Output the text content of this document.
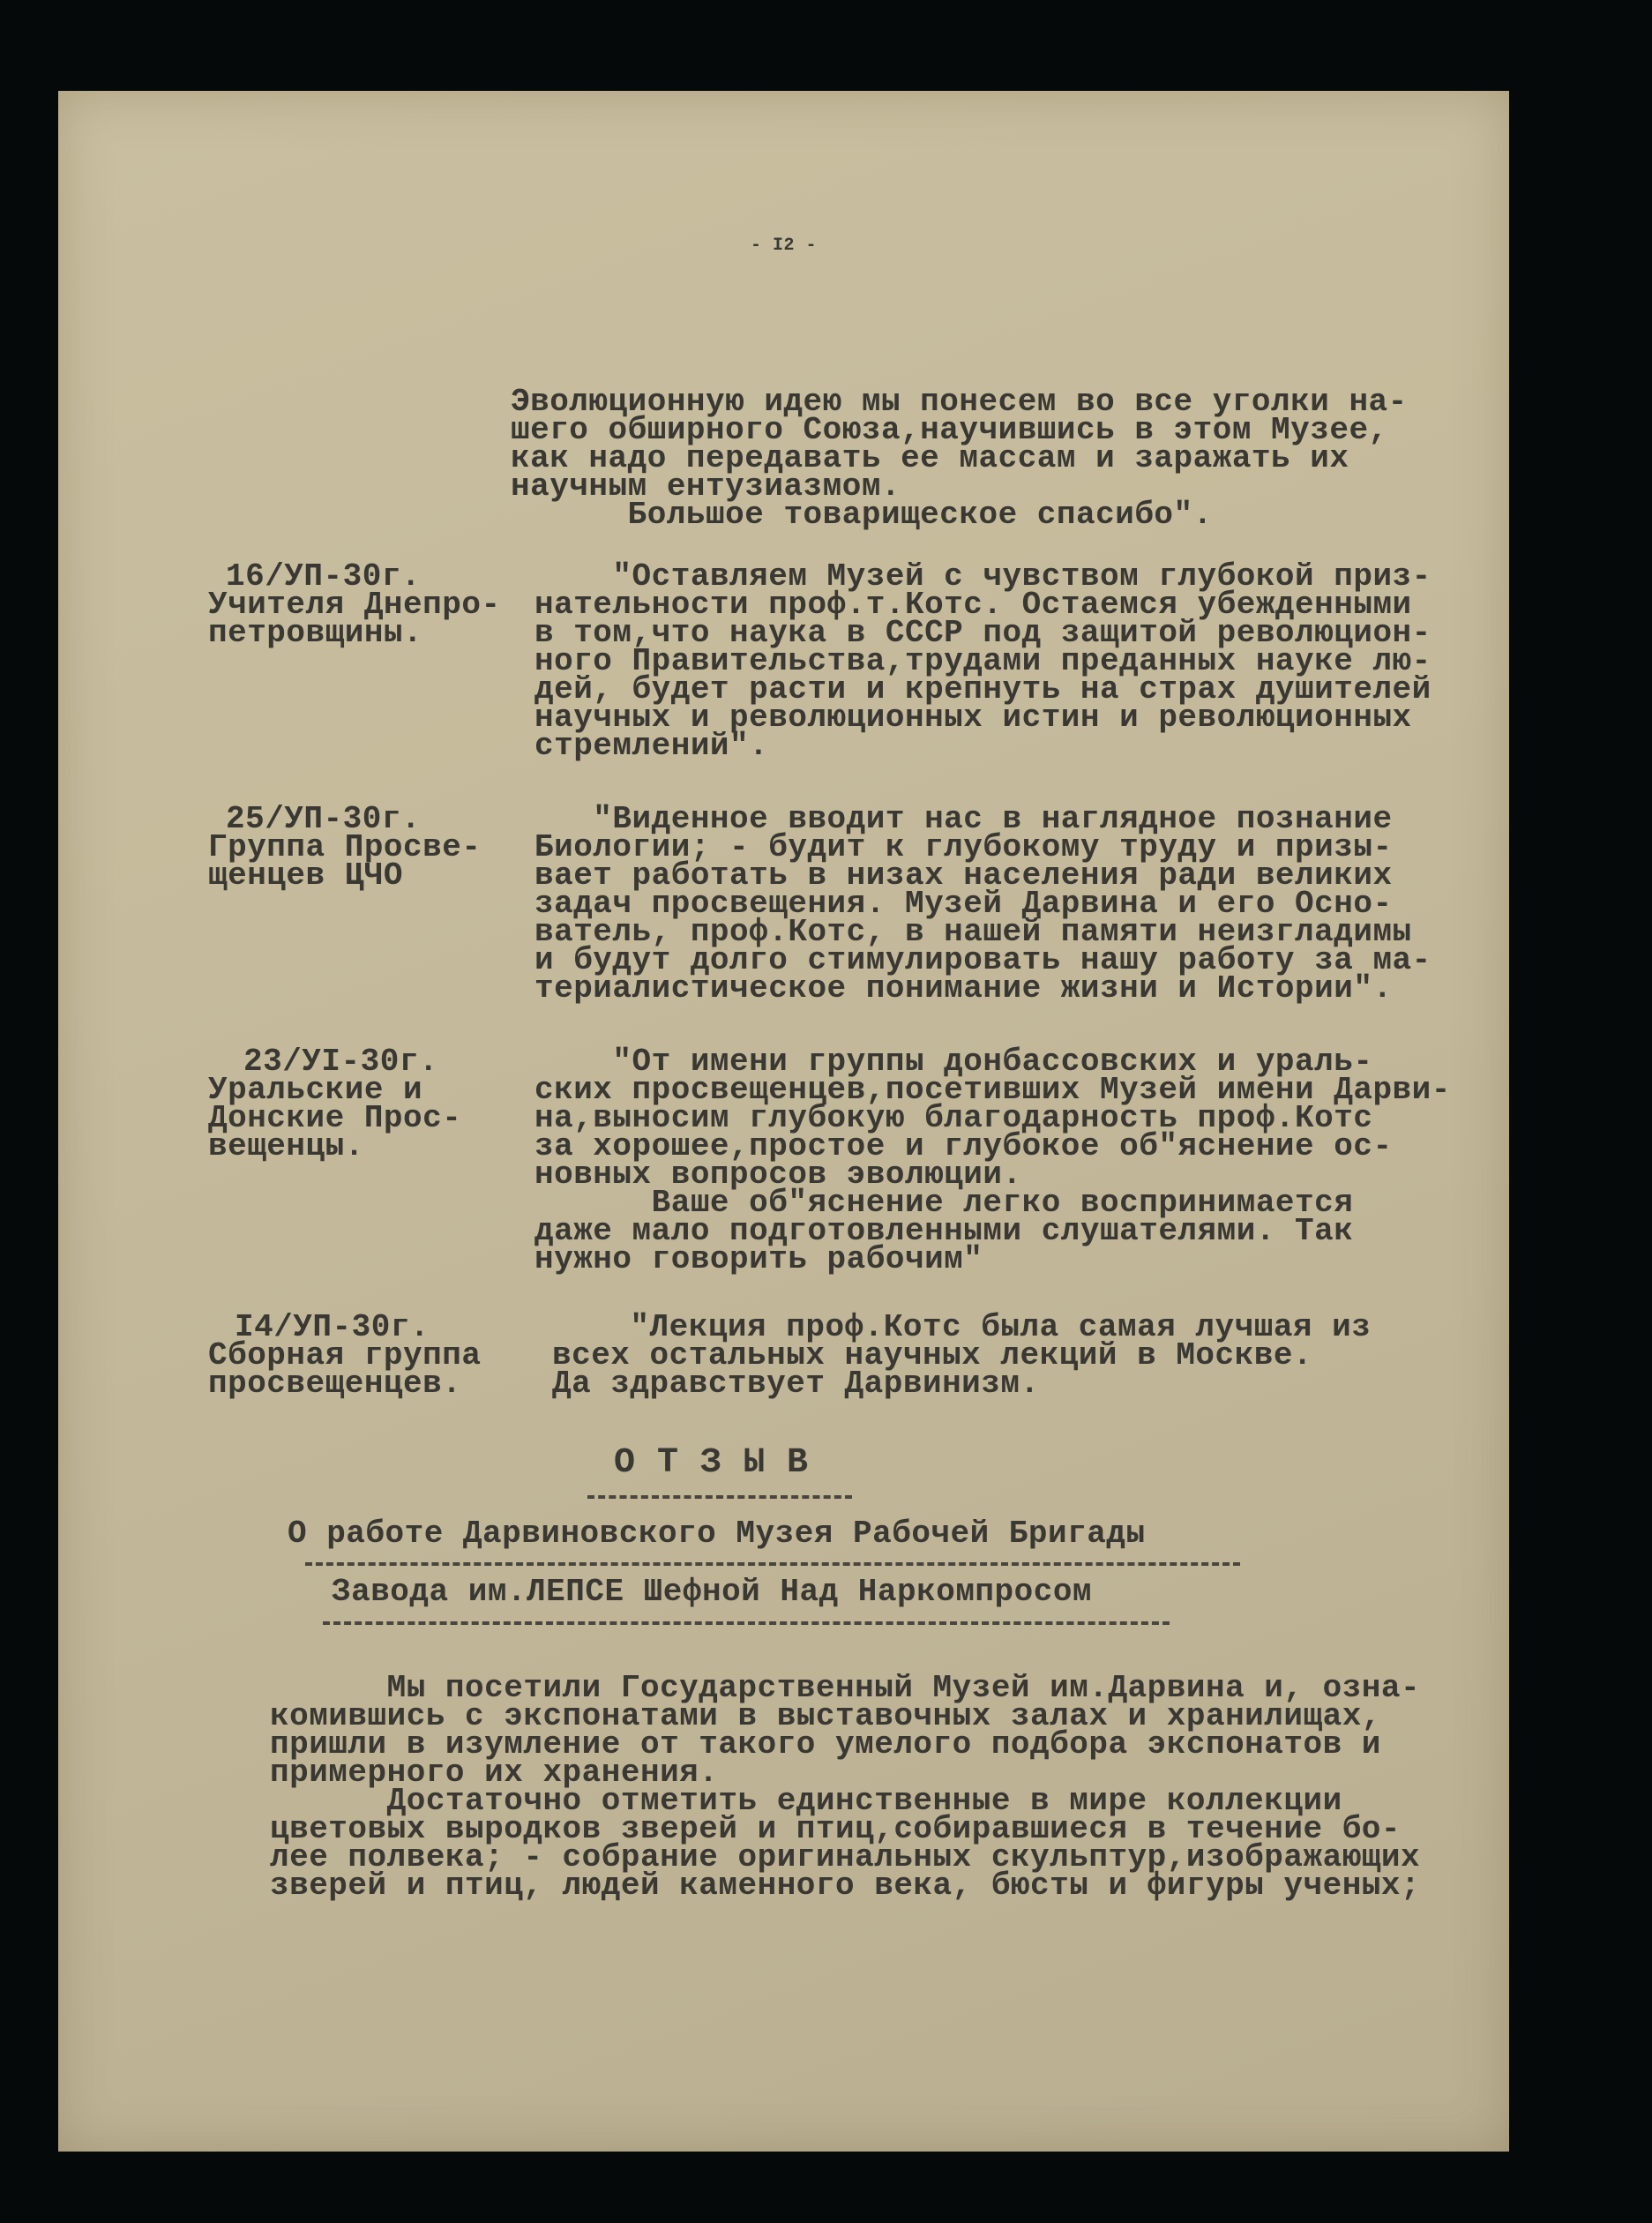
- I2 -
Эволюционную идею мы понесем во все уголки на-
шего обширного Союза,научившись в этом Музее,
как надо передавать ее массам и заражать их
научным ентузиазмом.
Большое товарищеское спасибо".
16/УП-30г.
Учителя Днепро-
петровщины.
"Оставляем Музей с чувством глубокой приз-
нательности проф.т.Котс. Остаемся убежденными
в том,что наука в СССР под защитой революцион-
ного Правительства,трудами преданных науке лю-
дей, будет расти и крепнуть на страх душителей
научных и революционных истин и революционных
стремлений".
25/УП-30г.
Группа Просве-
щенцев ЦЧО
"Виденное вводит нас в наглядное познание
Биологии; - будит к глубокому труду и призы-
вает работать в низах населения ради великих
задач просвещения. Музей Дарвина и его Осно-
ватель, проф.Котс, в нашей памяти неизгладимы
и будут долго стимулировать нашу работу за ма-
териалистическое понимание жизни и Истории".
23/УI-30г.
Уральские и
Донские Прос-
вещенцы.
"От имени группы донбассовских и ураль-
ских просвещенцев,посетивших Музей имени Дарви-
на,выносим глубокую благодарность проф.Котс
за хорошее,простое и глубокое об"яснение ос-
новных вопросов эволюции.
Ваше об"яснение легко воспринимается
даже мало подготовленными слушателями. Так
нужно говорить рабочим"
I4/УП-30г.
Сборная группа
просвещенцев.
"Лекция проф.Котс была самая лучшая из
всех остальных научных лекций в Москве.
Да здравствует Дарвинизм.
О Т З Ы В
О работе Дарвиновского Музея Рабочей Бригады
Завода им.ЛЕПСЕ Шефной Над Наркомпросом
Мы посетили Государственный Музей им.Дарвина и, озна-
комившись с экспонатами в выставочных залах и хранилищах,
пришли в изумление от такого умелого подбора экспонатов и
примерного их хранения.
Достаточно отметить единственные в мире коллекции
цветовых выродков зверей и птиц,собиравшиеся в течение бо-
лее полвека; - собрание оригинальных скульптур,изображающих
зверей и птиц, людей каменного века, бюсты и фигуры ученых;
